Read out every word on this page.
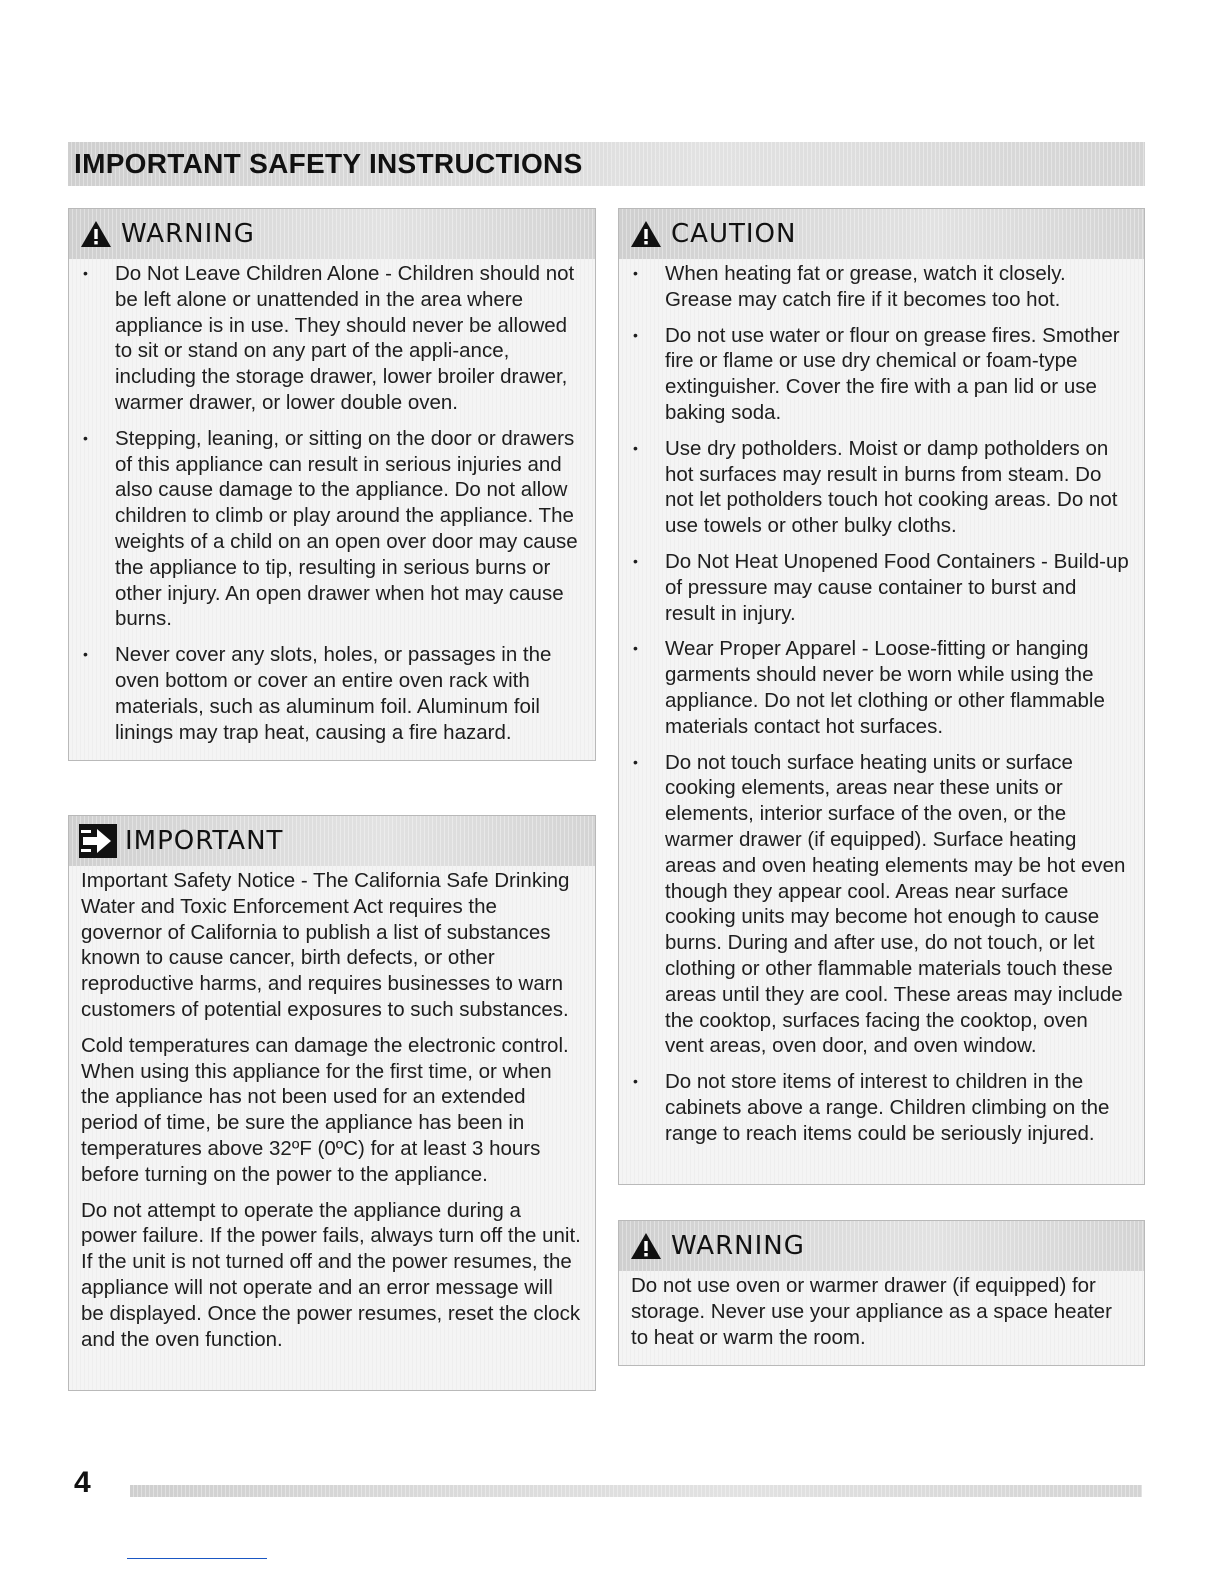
IMPORTANT SAFETY INSTRUCTIONS
WARNING
• Do Not Leave Children Alone - Children should not be left alone or unattended in the area where appliance is in use. They should never be allowed to sit or stand on any part of the appli-ance, including the storage drawer, lower broiler drawer, warmer drawer, or lower double oven.
• Stepping, leaning, or sitting on the door or drawers of this appliance can result in serious injuries and also cause damage to the appliance. Do not allow children to climb or play around the appliance. The weights of a child on an open over door may cause the appliance to tip, resulting in serious burns or other injury. An open drawer when hot may cause burns.
• Never cover any slots, holes, or passages in the oven bottom or cover an entire oven rack with materials, such as aluminum foil. Aluminum foil linings may trap heat, causing a fire hazard.
IMPORTANT

Important Safety Notice - The California Safe Drinking Water and Toxic Enforcement Act requires the governor of California to publish a list of substances known to cause cancer, birth defects, or other reproductive harms, and requires businesses to warn customers of potential exposures to such substances.

Cold temperatures can damage the electronic control. When using this appliance for the first time, or when the appliance has not been used for an extended period of time, be sure the appliance has been in temperatures above 32ºF (0ºC) for at least 3 hours before turning on the power to the appliance.

Do not attempt to operate the appliance during a power failure. If the power fails, always turn off the unit. If the unit is not turned off and the power resumes, the appliance will not operate and an error message will be displayed. Once the power resumes, reset the clock and the oven function.

CAUTION
• When heating fat or grease, watch it closely. Grease may catch fire if it becomes too hot.
• Do not use water or flour on grease fires. Smother fire or flame or use dry chemical or foam-type extinguisher. Cover the fire with a pan lid or use baking soda.
• Use dry potholders. Moist or damp potholders on hot surfaces may result in burns from steam. Do not let potholders touch hot cooking areas. Do not use towels or other bulky cloths.
• Do Not Heat Unopened Food Containers - Build-up of pressure may cause container to burst and result in injury.
• Wear Proper Apparel - Loose-fitting or hanging garments should never be worn while using the appliance. Do not let clothing or other flammable materials contact hot surfaces.
• Do not touch surface heating units or surface cooking elements, areas near these units or elements, interior surface of the oven, or the warmer drawer (if equipped). Surface heating areas and oven heating elements may be hot even though they appear cool. Areas near surface cooking units may become hot enough to cause burns. During and after use, do not touch, or let clothing or other flammable materials touch these areas until they are cool. These areas may include the cooktop, surfaces facing the cooktop, oven vent areas, oven door, and oven window.
• Do not store items of interest to children in the cabinets above a range. Children climbing on the range to reach items could be seriously injured.
WARNING

Do not use oven or warmer drawer (if equipped) for storage. Never use your appliance as a space heater to heat or warm the room.

4
